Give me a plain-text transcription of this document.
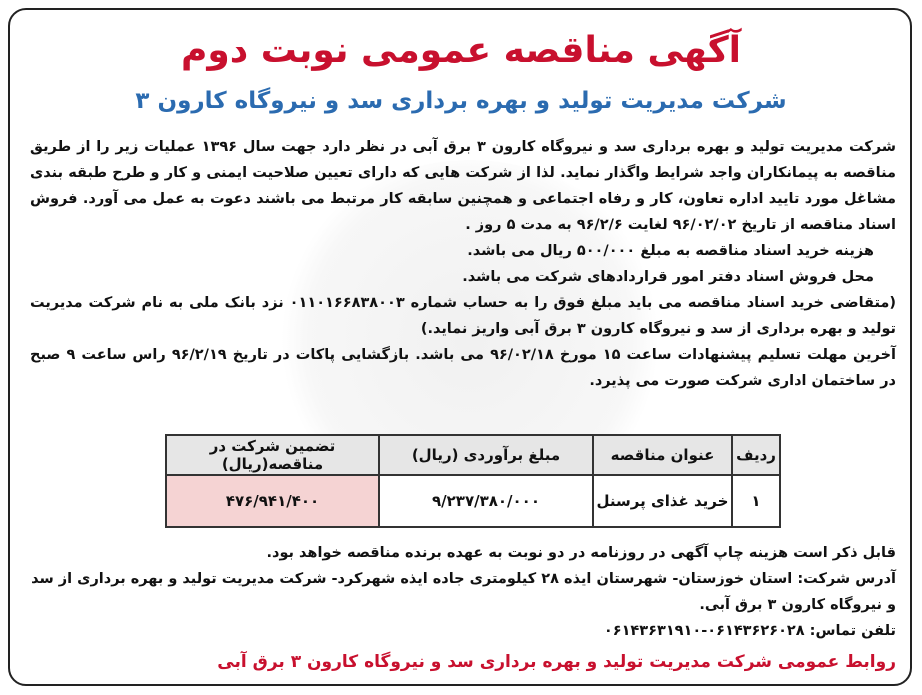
آگهی مناقصه عمومی نوبت دوم
شرکت مدیریت تولید و بهره برداری سد و نیروگاه کارون ۳

شرکت مدیریت تولید و بهره برداری سد و نیروگاه کارون ۳ برق آبی در نظر دارد جهت سال ۱۳۹۶ عملیات زیر را از طریق مناقصه به پیمانکاران واجد شرایط واگذار نماید. لذا از شرکت هایی که دارای تعیین صلاحیت ایمنی و کار و طرح طبقه بندی مشاغل مورد تایید اداره تعاون، کار و رفاه اجتماعی و همچنین سابقه کار مرتبط می باشند دعوت به عمل می آورد. فروش اسناد مناقصه از تاریخ ۹۶/۰۲/۰۲ لغایت ۹۶/۲/۶ به مدت ۵ روز .

هزینه خرید اسناد مناقصه به مبلغ ۵۰۰/۰۰۰ ریال می باشد.

محل فروش اسناد دفتر امور قراردادهای شرکت می باشد.

(متقاضی خرید اسناد مناقصه می باید مبلغ فوق را به حساب شماره ۰۱۱۰۱۶۶۸۳۸۰۰۳ نزد بانک ملی به نام شرکت مدیریت تولید و بهره برداری از سد و نیروگاه کارون ۳ برق آبی واریز نماید.)

آخرین مهلت تسلیم پیشنهادات ساعت ۱۵ مورخ ۹۶/۰۲/۱۸ می باشد. بازگشایی پاکات در تاریخ ۹۶/۲/۱۹ راس ساعت ۹ صبح در ساختمان اداری شرکت صورت می پذیرد.

ردیف	عنوان مناقصه	مبلغ برآوردی (ریال)	تضمین شرکت در مناقصه(ریال)
۱	خرید غذای پرسنل	۹/۲۳۷/۳۸۰/۰۰۰	۴۷۶/۹۴۱/۴۰۰

قابل ذکر است هزینه چاپ آگهی در روزنامه در دو نوبت به عهده برنده مناقصه خواهد بود.

آدرس شرکت: استان خوزستان- شهرستان ایذه ۲۸ کیلومتری جاده ایذه شهرکرد- شرکت مدیریت تولید و بهره برداری از سد و نیروگاه کارون ۳ برق آبی.

تلفن تماس: ۰۶۱۴۳۶۲۶۰۲۸-۰۶۱۴۳۶۳۱۹۱۰

روابط عمومی شرکت مدیریت تولید و بهره برداری سد و نیروگاه کارون ۳ برق آبی
